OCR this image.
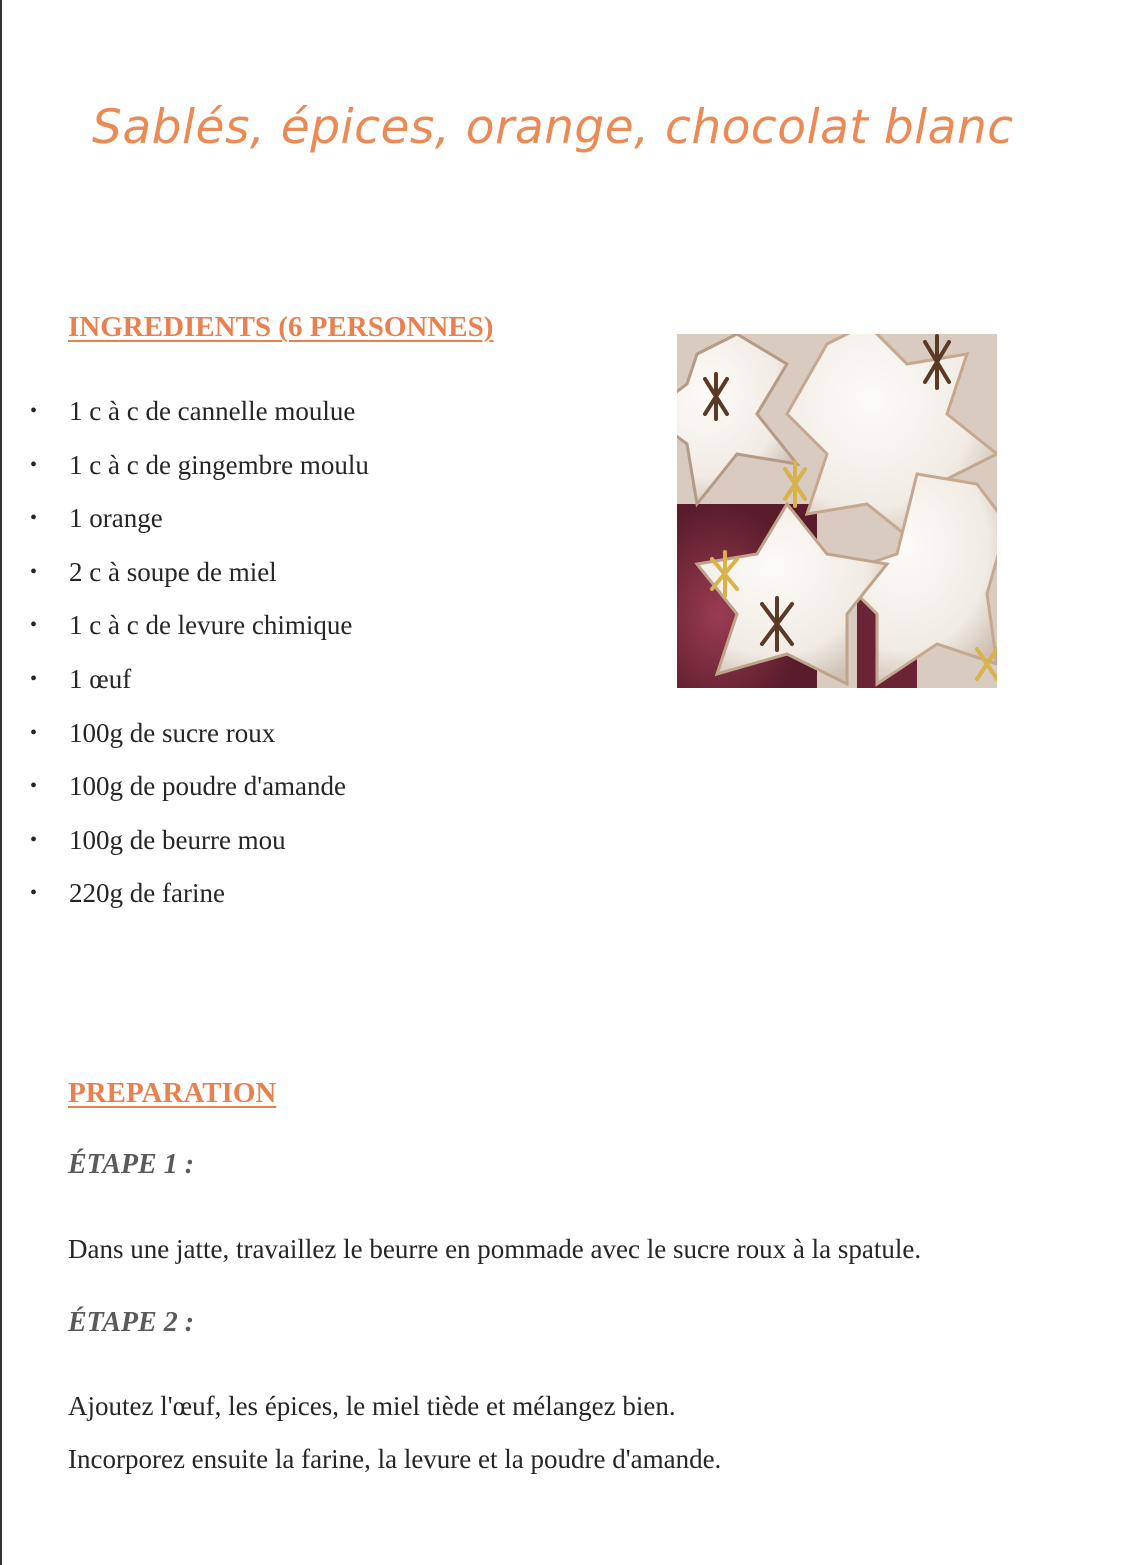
Sablés, épices, orange, chocolat blanc
INGREDIENTS (6 PERSONNES)
• 1 c à c de cannelle moulue
• 1 c à c de gingembre moulu
• 1 orange
• 2 c à soupe de miel
• 1 c à c de levure chimique
• 1 œuf
• 100g de sucre roux
• 100g de poudre d'amande
• 100g de beurre mou
• 220g de farine
PREPARATION
ÉTAPE 1 :
Dans une jatte, travaillez le beurre en pommade avec le sucre roux à la spatule.
ÉTAPE 2 :
Ajoutez l'œuf, les épices, le miel tiède et mélangez bien.
Incorporez ensuite la farine, la levure et la poudre d'amande.
